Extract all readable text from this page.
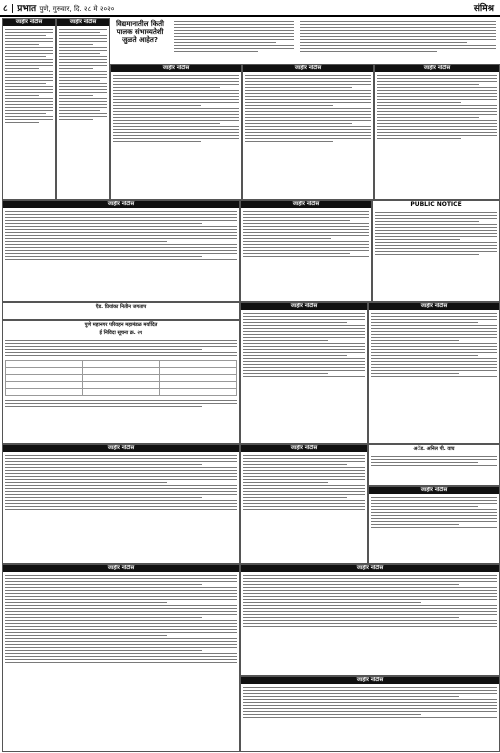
८ | प्रभात पुणे, गुरुवार, दि. २८ मे २०२०	संमिश्र
जाहीर नोटीस	जाहीर नोटीस	विद्यमानातील किती पालक संभाव्यतेशी जुळते आहेत?
जाहीर नोटीस	जाहीर नोटीस	जाहीर नोटीस
जाहीर नोटीस	जाहीर नोटीस	PUBLIC NOTICE
ऍड. प्रियांका नितीन जगताप
पुणे महानगर परिवहन महामंडळ मर्यादित
ई निविदा सूचना क्र. २१

जाहीर नोटीस	जाहीर नोटीस
जाहीर नोटीस	जाहीर नोटीस	अॅड. अनिल पी. वाघ
जाहीर नोटीस
जाहीर नोटीस	जाहीर नोटीस
जाहीर नोटीस
